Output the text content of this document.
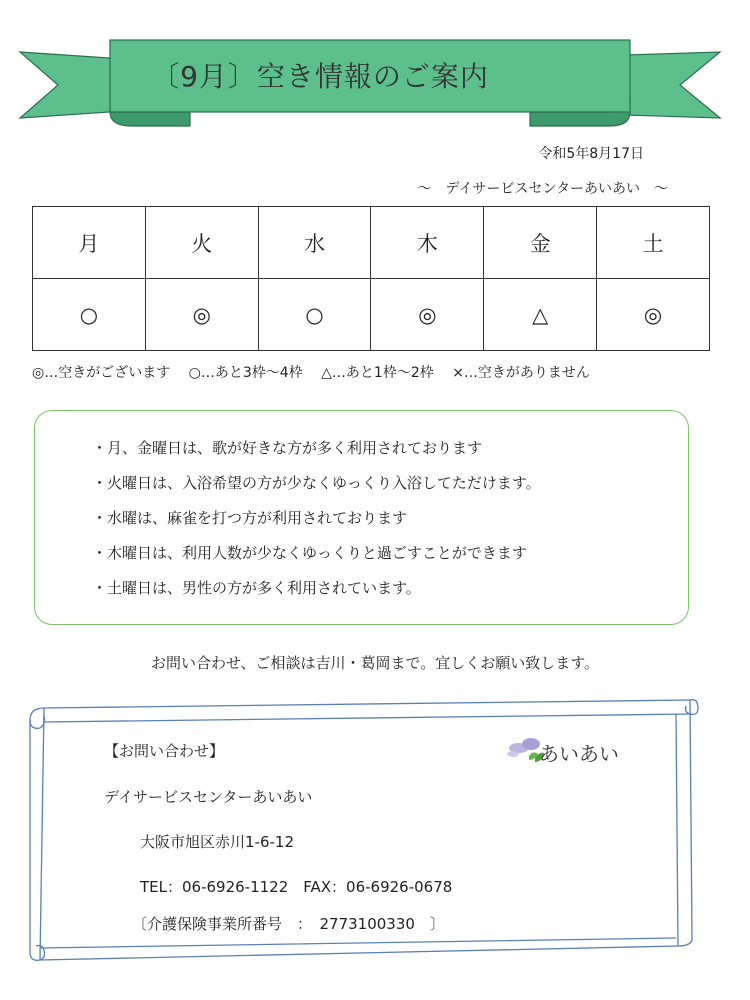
〔9月〕空き情報のご案内
令和5年8月17日
～　デイサービスセンターあいあい　～
月	火	水	木	金	土
○	◎	○	◎	△	◎
◎…空きがございます ○…あと3枠～4枠 △…あと1枠～2枠 ×…空きがありません
・月、金曜日は、歌が好きな方が多く利用されております
・火曜日は、入浴希望の方が少なくゆっくり入浴してただけます。
・水曜は、麻雀を打つ方が利用されております
・木曜日は、利用人数が少なくゆっくりと過ごすことができます
・土曜日は、男性の方が多く利用されています。
お問い合わせ、ご相談は吉川・葛岡まで。宜しくお願い致します。
【お問い合わせ】
デイサービスセンターあいあい
大阪市旭区赤川1-6-12
TEL：06-6926-1122　FAX：06-6926-0678
〔介護保険事業所番号　：　2773100330　〕
あいあい
